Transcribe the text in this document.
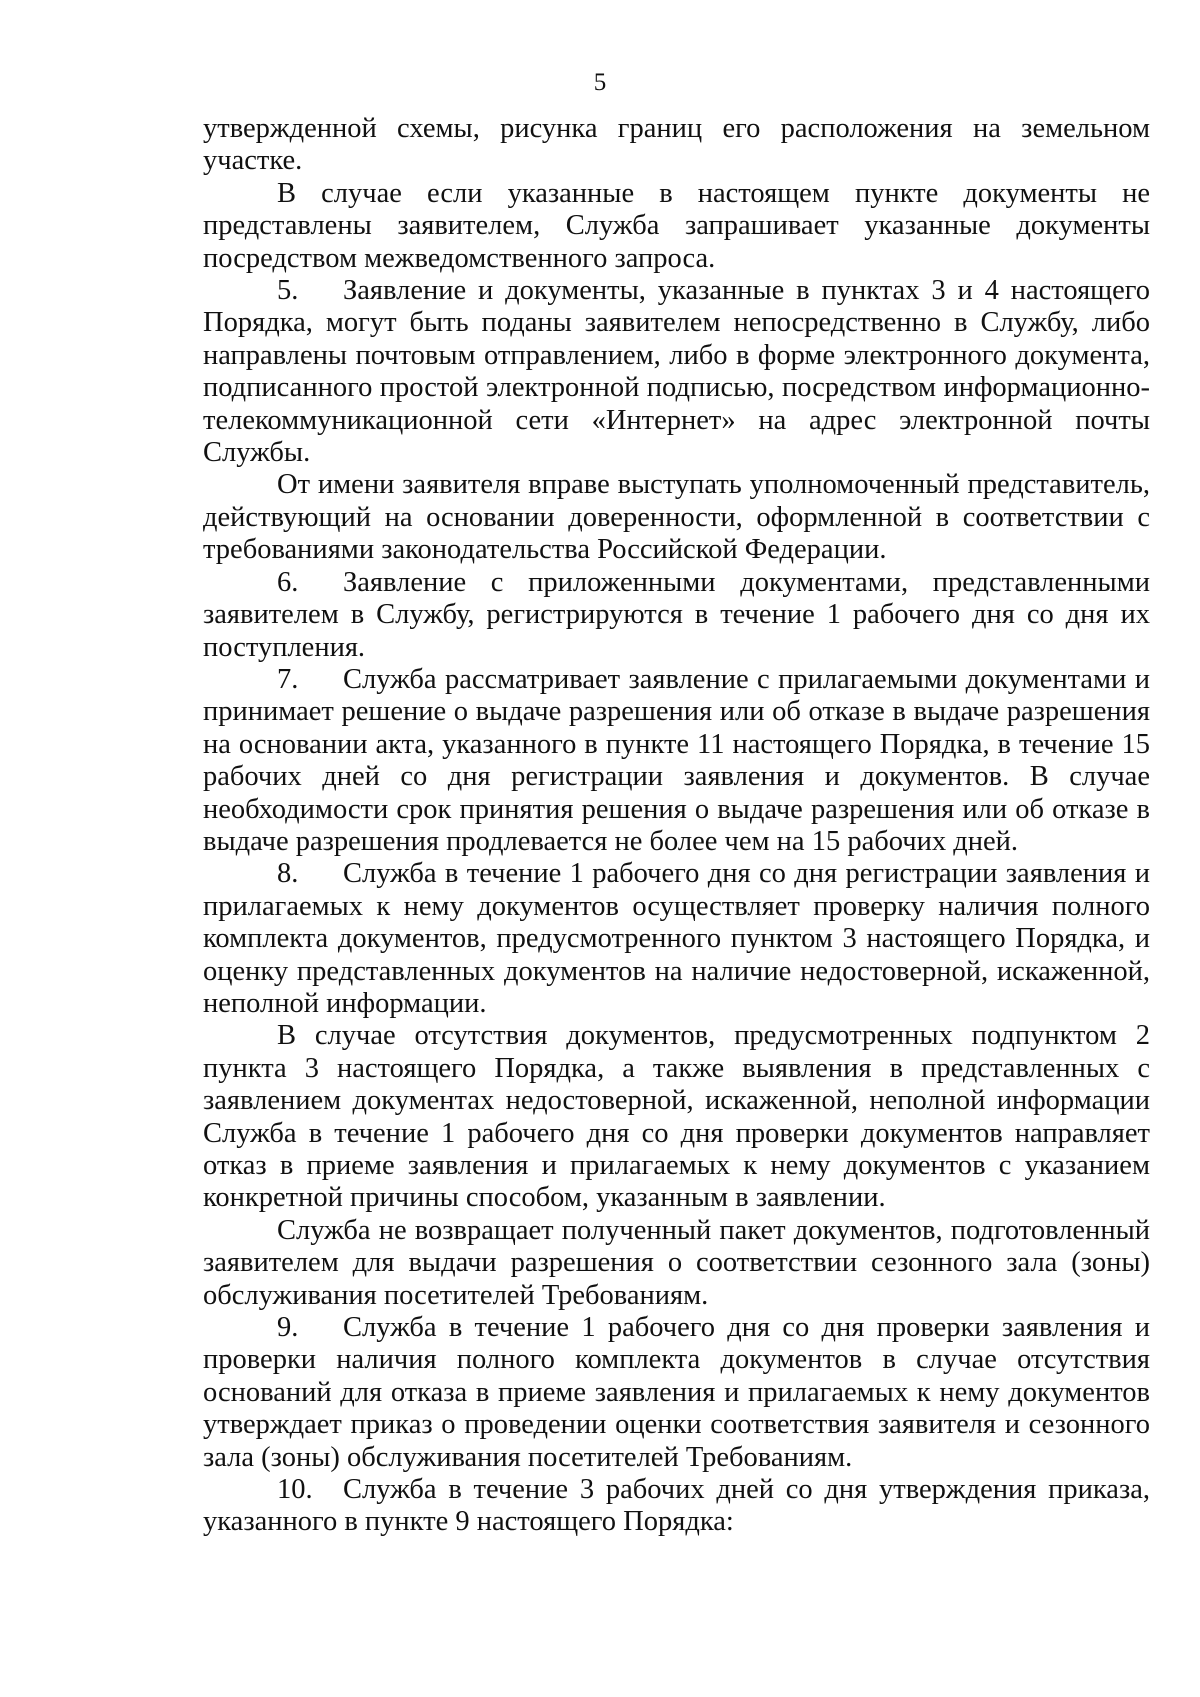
5

утвержденной схемы, рисунка границ его расположения на земельном участке.

В случае если указанные в настоящем пункте документы не представлены заявителем, Служба запрашивает указанные документы посредством межведомственного запроса.

5. Заявление и документы, указанные в пунктах 3 и 4 настоящего Порядка, могут быть поданы заявителем непосредственно в Службу, либо направлены почтовым отправлением, либо в форме электронного документа, подписанного простой электронной подписью, посредством информационно-телекоммуникационной сети «Интернет» на адрес электронной почты Службы.

От имени заявителя вправе выступать уполномоченный представитель, действующий на основании доверенности, оформленной в соответствии с требованиями законодательства Российской Федерации.

6. Заявление с приложенными документами, представленными заявителем в Службу, регистрируются в течение 1 рабочего дня со дня их поступления.

7. Служба рассматривает заявление с прилагаемыми документами и принимает решение о выдаче разрешения или об отказе в выдаче разрешения на основании акта, указанного в пункте 11 настоящего Порядка, в течение 15 рабочих дней со дня регистрации заявления и документов. В случае необходимости срок принятия решения о выдаче разрешения или об отказе в выдаче разрешения продлевается не более чем на 15 рабочих дней.

8. Служба в течение 1 рабочего дня со дня регистрации заявления и прилагаемых к нему документов осуществляет проверку наличия полного комплекта документов, предусмотренного пунктом 3 настоящего Порядка, и оценку представленных документов на наличие недостоверной, искаженной, неполной информации.

В случае отсутствия документов, предусмотренных подпунктом 2 пункта 3 настоящего Порядка, а также выявления в представленных с заявлением документах недостоверной, искаженной, неполной информации Служба в течение 1 рабочего дня со дня проверки документов направляет отказ в приеме заявления и прилагаемых к нему документов с указанием конкретной причины способом, указанным в заявлении.

Служба не возвращает полученный пакет документов, подготовленный заявителем для выдачи разрешения о соответствии сезонного зала (зоны) обслуживания посетителей Требованиям.

9. Служба в течение 1 рабочего дня со дня проверки заявления и проверки наличия полного комплекта документов в случае отсутствия оснований для отказа в приеме заявления и прилагаемых к нему документов утверждает приказ о проведении оценки соответствия заявителя и сезонного зала (зоны) обслуживания посетителей Требованиям.

10. Служба в течение 3 рабочих дней со дня утверждения приказа, указанного в пункте 9 настоящего Порядка:
